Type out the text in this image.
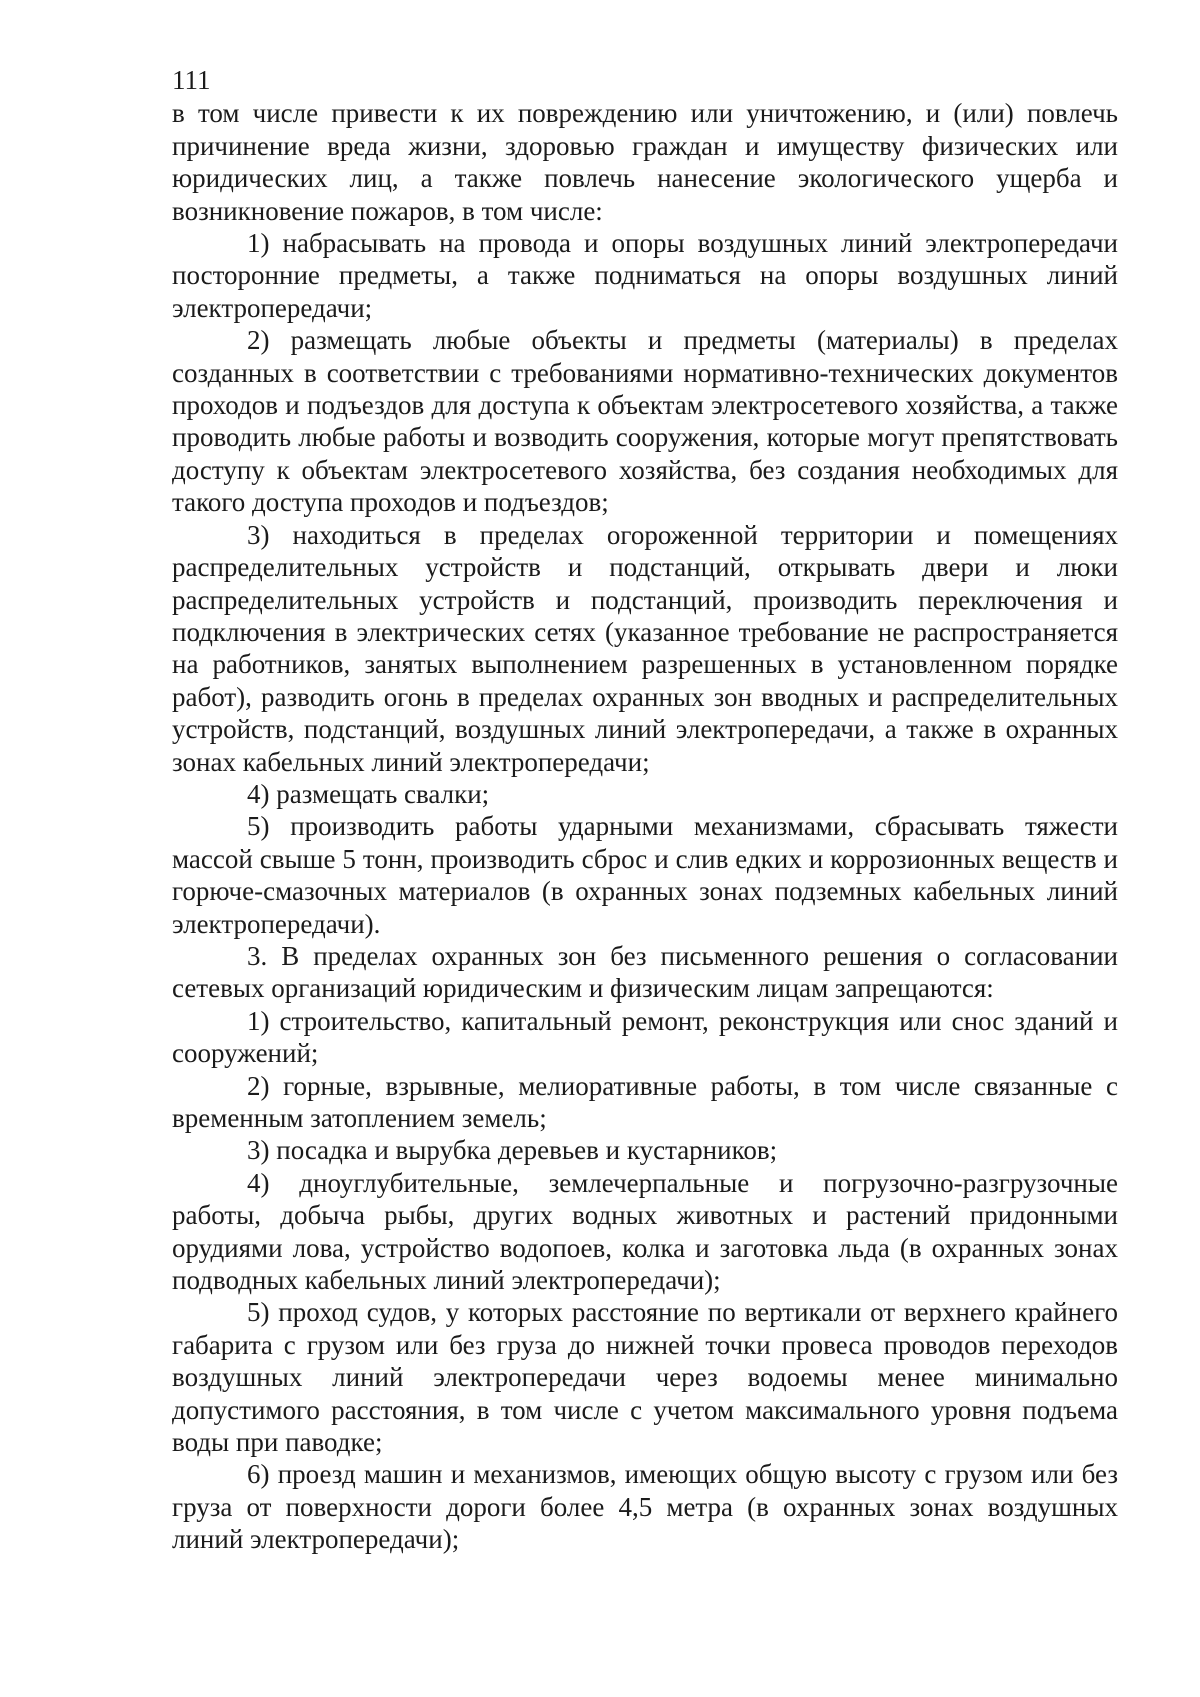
111

в том числе привести к их повреждению или уничтожению, и (или) повлечь причинение вреда жизни, здоровью граждан и имуществу физических или юридических лиц, а также повлечь нанесение экологического ущерба и возникновение пожаров, в том числе:

1) набрасывать на провода и опоры воздушных линий электропередачи посторонние предметы, а также подниматься на опоры воздушных линий электропередачи;

2) размещать любые объекты и предметы (материалы) в пределах созданных в соответствии с требованиями нормативно-технических документов проходов и подъездов для доступа к объектам электросетевого хозяйства, а также проводить любые работы и возводить сооружения, которые могут препятствовать доступу к объектам электросетевого хозяйства, без создания необходимых для такого доступа проходов и подъездов;

3) находиться в пределах огороженной территории и помещениях распределительных устройств и подстанций, открывать двери и люки распределительных устройств и подстанций, производить переключения и подключения в электрических сетях (указанное требование не распространяется на работников, занятых выполнением разрешенных в установленном порядке работ), разводить огонь в пределах охранных зон вводных и распределительных устройств, подстанций, воздушных линий электропередачи, а также в охранных зонах кабельных линий электропередачи;

4) размещать свалки;

5) производить работы ударными механизмами, сбрасывать тяжести массой свыше 5 тонн, производить сброс и слив едких и коррозионных веществ и горюче-смазочных материалов (в охранных зонах подземных кабельных линий электропередачи).

3. В пределах охранных зон без письменного решения о согласовании сетевых организаций юридическим и физическим лицам запрещаются:

1) строительство, капитальный ремонт, реконструкция или снос зданий и сооружений;

2) горные, взрывные, мелиоративные работы, в том числе связанные с временным затоплением земель;

3) посадка и вырубка деревьев и кустарников;

4) дноуглубительные, землечерпальные и погрузочно-разгрузочные работы, добыча рыбы, других водных животных и растений придонными орудиями лова, устройство водопоев, колка и заготовка льда (в охранных зонах подводных кабельных линий электропередачи);

5) проход судов, у которых расстояние по вертикали от верхнего крайнего габарита с грузом или без груза до нижней точки провеса проводов переходов воздушных линий электропередачи через водоемы менее минимально допустимого расстояния, в том числе с учетом максимального уровня подъема воды при паводке;

6) проезд машин и механизмов, имеющих общую высоту с грузом или без груза от поверхности дороги более 4,5 метра (в охранных зонах воздушных линий электропередачи);
